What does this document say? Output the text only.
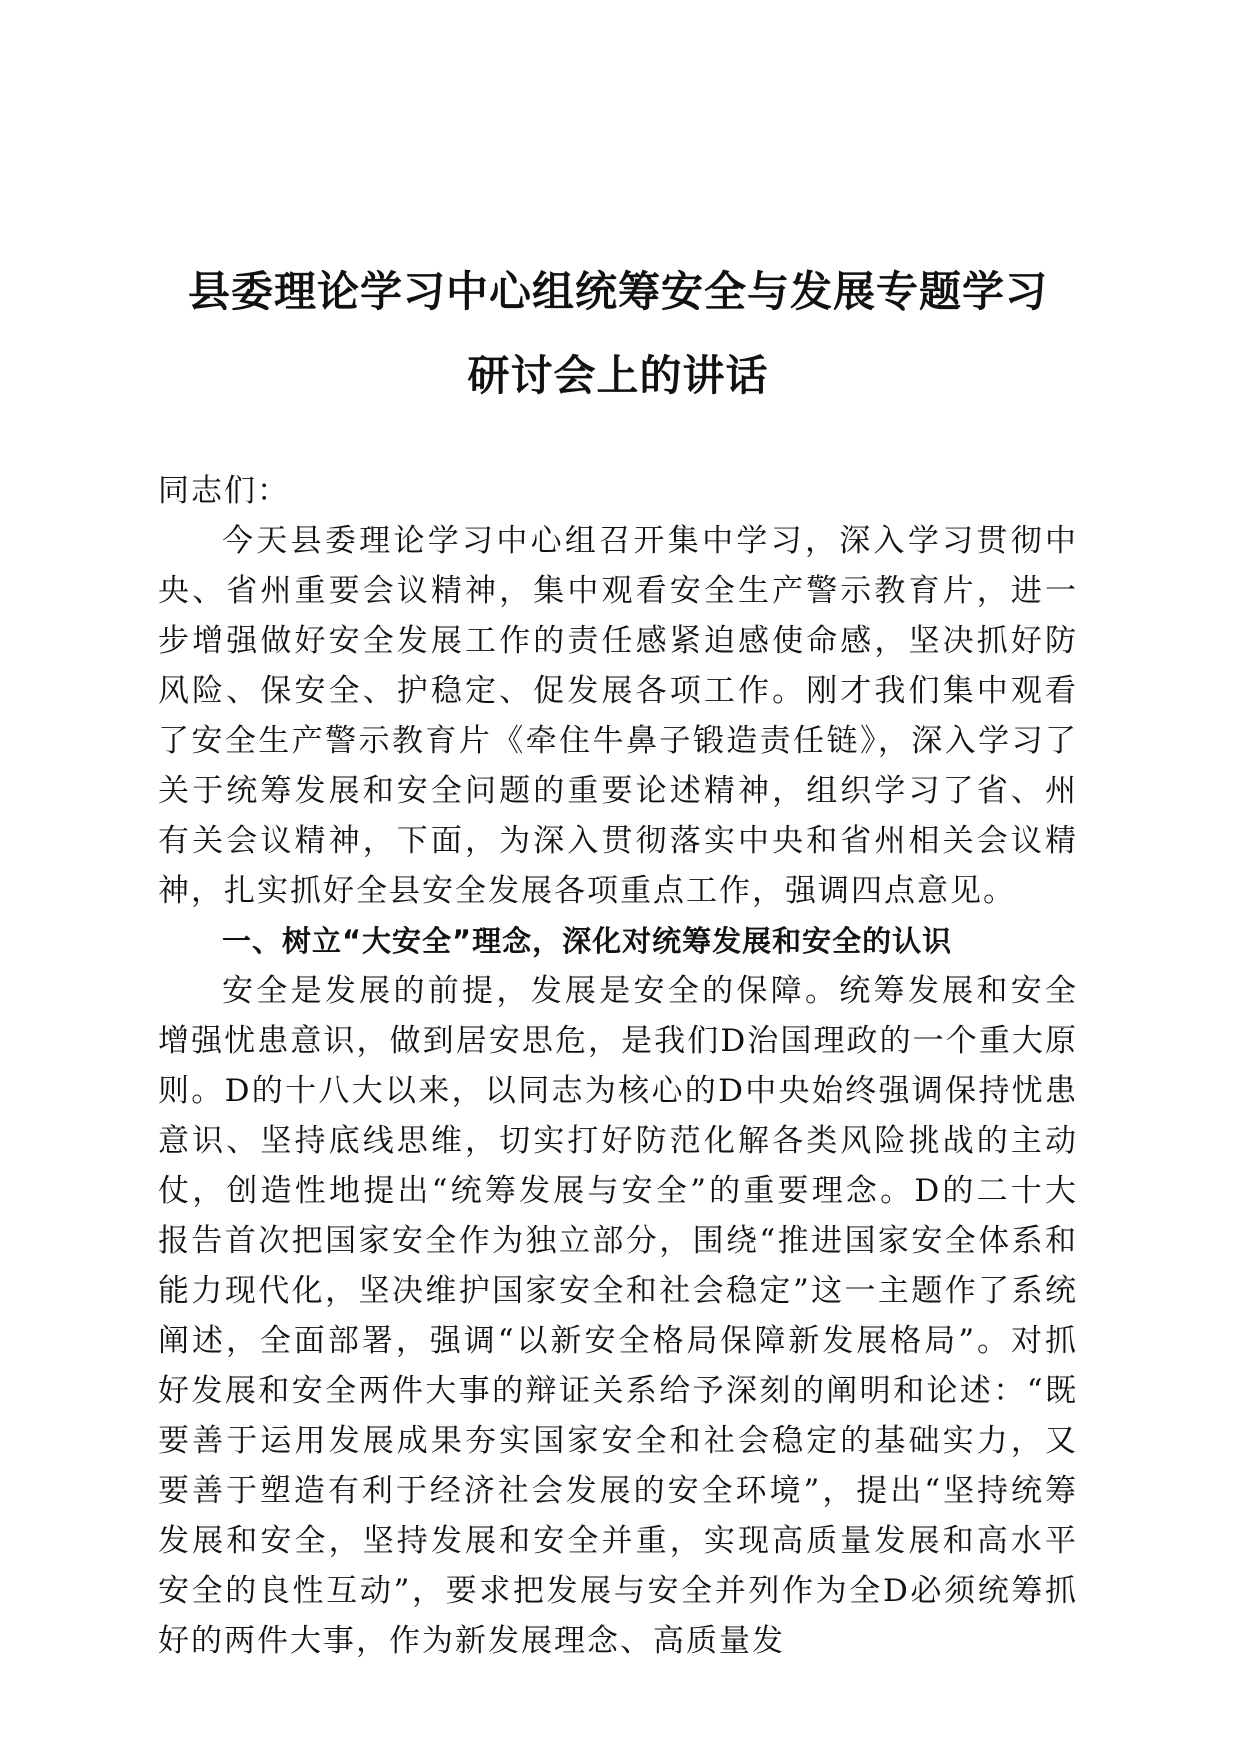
县委理论学习中心组统筹安全与发展专题学习
研讨会上的讲话

同志们：

今天县委理论学习中心组召开集中学习，深入学习贯彻中央、省州重要会议精神，集中观看安全生产警示教育片，进一步增强做好安全发展工作的责任感紧迫感使命感，坚决抓好防风险、保安全、护稳定、促发展各项工作。刚才我们集中观看了安全生产警示教育片《牵住牛鼻子锻造责任链》，深入学习了关于统筹发展和安全问题的重要论述精神，组织学习了省、州有关会议精神，下面，为深入贯彻落实中央和省州相关会议精神，扎实抓好全县安全发展各项重点工作，强调四点意见。

一、树立“大安全”理念，深化对统筹发展和安全的认识

安全是发展的前提，发展是安全的保障。统筹发展和安全增强忧患意识，做到居安思危，是我们D治国理政的一个重大原则。D的十八大以来，以同志为核心的D中央始终强调保持忧患意识、坚持底线思维，切实打好防范化解各类风险挑战的主动仗，创造性地提出“统筹发展与安全”的重要理念。D的二十大报告首次把国家安全作为独立部分，围绕“推进国家安全体系和能力现代化，坚决维护国家安全和社会稳定”这一主题作了系统阐述，全面部署，强调“以新安全格局保障新发展格局”。对抓好发展和安全两件大事的辩证关系给予深刻的阐明和论述：“既要善于运用发展成果夯实国家安全和社会稳定的基础实力，又要善于塑造有利于经济社会发展的安全环境”，提出“坚持统筹发展和安全，坚持发展和安全并重，实现高质量发展和高水平安全的良性互动”，要求把发展与安全并列作为全D必须统筹抓好的两件大事，作为新发展理念、高质量发
